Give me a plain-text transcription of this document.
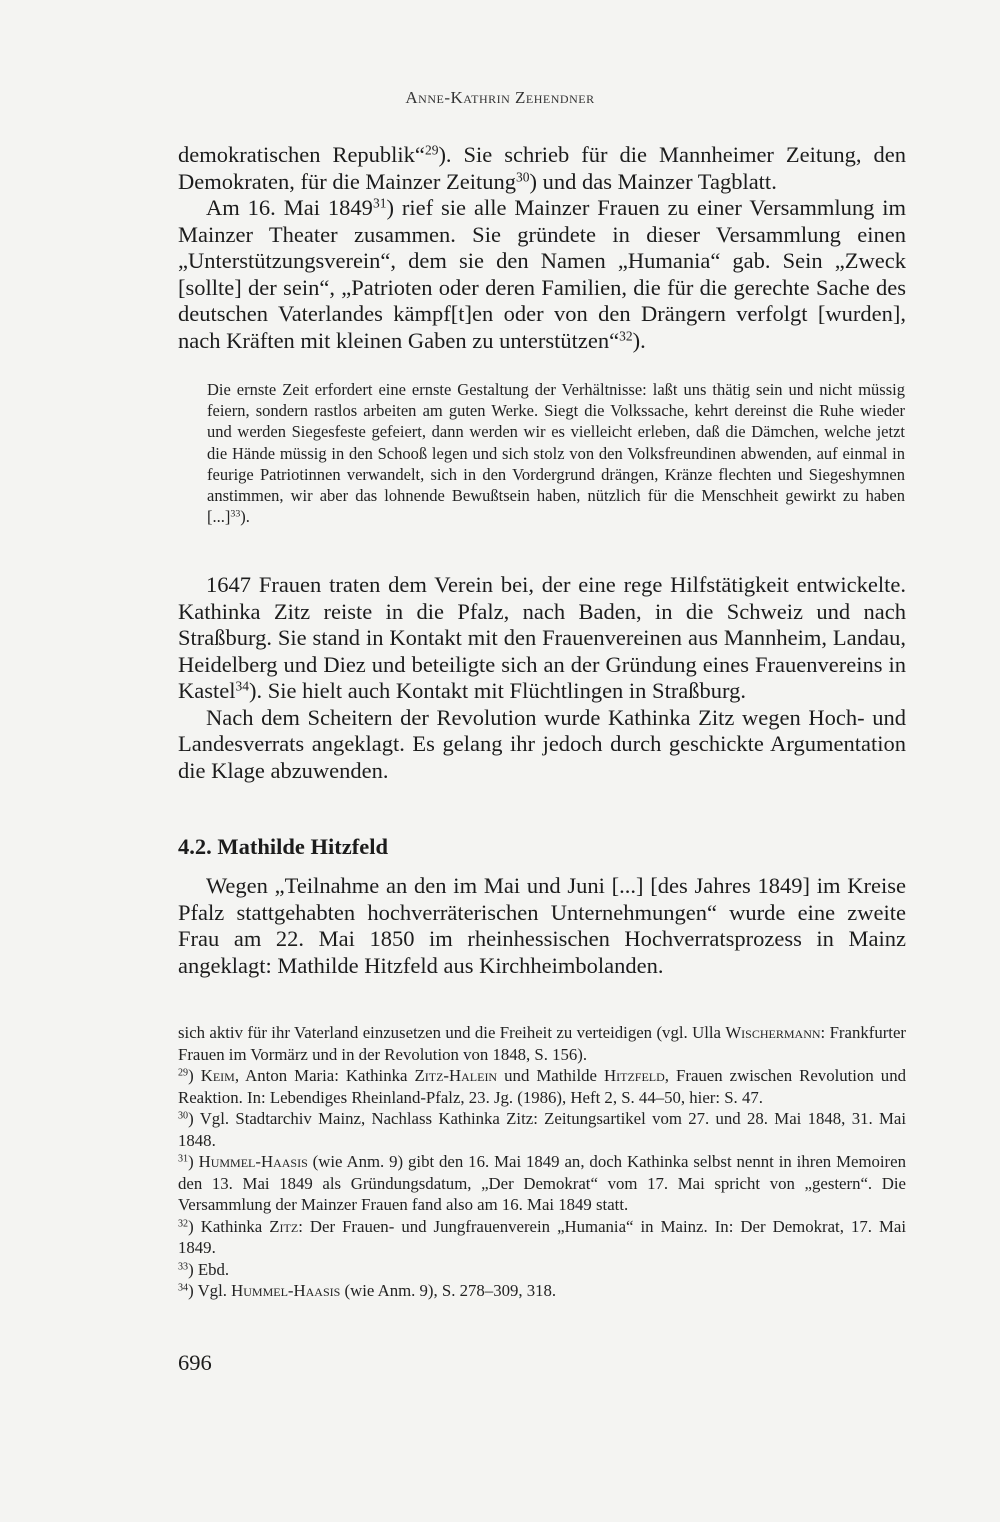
Anne-Kathrin Zehendner

demokratischen Republik“$^{29}$). Sie schrieb für die Mannheimer Zeitung, den Demokraten, für die Mainzer Zeitung$^{30}$) und das Mainzer Tagblatt.

Am 16. Mai 1849$^{31}$) rief sie alle Mainzer Frauen zu einer Versammlung im Mainzer Theater zusammen. Sie gründete in dieser Versammlung einen „Unterstützungsverein“, dem sie den Namen „Humania“ gab. Sein „Zweck [sollte] der sein“, „Patrioten oder deren Familien, die für die gerechte Sache des deutschen Vaterlandes kämpf[t]en oder von den Drängern verfolgt [wurden], nach Kräften mit kleinen Gaben zu unterstützen“$^{32}$).

Die ernste Zeit erfordert eine ernste Gestaltung der Verhältnisse: laßt uns thätig sein und nicht müssig feiern, sondern rastlos arbeiten am guten Werke. Siegt die Volkssache, kehrt dereinst die Ruhe wieder und werden Siegesfeste gefeiert, dann werden wir es vielleicht erleben, daß die Dämchen, welche jetzt die Hände müssig in den Schooß legen und sich stolz von den Volksfreundinen abwenden, auf einmal in feurige Patriotinnen verwandelt, sich in den Vordergrund drängen, Kränze flechten und Siegeshymnen anstimmen, wir aber das lohnende Bewußtsein haben, nützlich für die Menschheit gewirkt zu haben [...]$^{33}$).

1647 Frauen traten dem Verein bei, der eine rege Hilfstätigkeit entwickelte. Kathinka Zitz reiste in die Pfalz, nach Baden, in die Schweiz und nach Straßburg. Sie stand in Kontakt mit den Frauenvereinen aus Mannheim, Landau, Heidelberg und Diez und beteiligte sich an der Gründung eines Frauenvereins in Kastel$^{34}$). Sie hielt auch Kontakt mit Flüchtlingen in Straßburg.

Nach dem Scheitern der Revolution wurde Kathinka Zitz wegen Hoch- und Landesverrats angeklagt. Es gelang ihr jedoch durch geschickte Argumentation die Klage abzuwenden.

4.2. Mathilde Hitzfeld

Wegen „Teilnahme an den im Mai und Juni [...] [des Jahres 1849] im Kreise Pfalz stattgehabten hochverräterischen Unternehmungen“ wurde eine zweite Frau am 22. Mai 1850 im rheinhessischen Hochverratsprozess in Mainz angeklagt: Mathilde Hitzfeld aus Kirchheimbolanden.

sich aktiv für ihr Vaterland einzusetzen und die Freiheit zu verteidigen (vgl. Ulla Wischermann: Frankfurter Frauen im Vormärz und in der Revolution von 1848, S. 156).

$^{29}$) Keim, Anton Maria: Kathinka Zitz-Halein und Mathilde Hitzfeld, Frauen zwischen Revolution und Reaktion. In: Lebendiges Rheinland-Pfalz, 23. Jg. (1986), Heft 2, S. 44–50, hier: S. 47.

$^{30}$) Vgl. Stadtarchiv Mainz, Nachlass Kathinka Zitz: Zeitungsartikel vom 27. und 28. Mai 1848, 31. Mai 1848.

$^{31}$) Hummel-Haasis (wie Anm. 9) gibt den 16. Mai 1849 an, doch Kathinka selbst nennt in ihren Memoiren den 13. Mai 1849 als Gründungsdatum, „Der Demokrat“ vom 17. Mai spricht von „gestern“. Die Versammlung der Mainzer Frauen fand also am 16. Mai 1849 statt.

$^{32}$) Kathinka Zitz: Der Frauen- und Jungfrauenverein „Humania“ in Mainz. In: Der Demokrat, 17. Mai 1849.

$^{33}$) Ebd.

$^{34}$) Vgl. Hummel-Haasis (wie Anm. 9), S. 278–309, 318.

696
